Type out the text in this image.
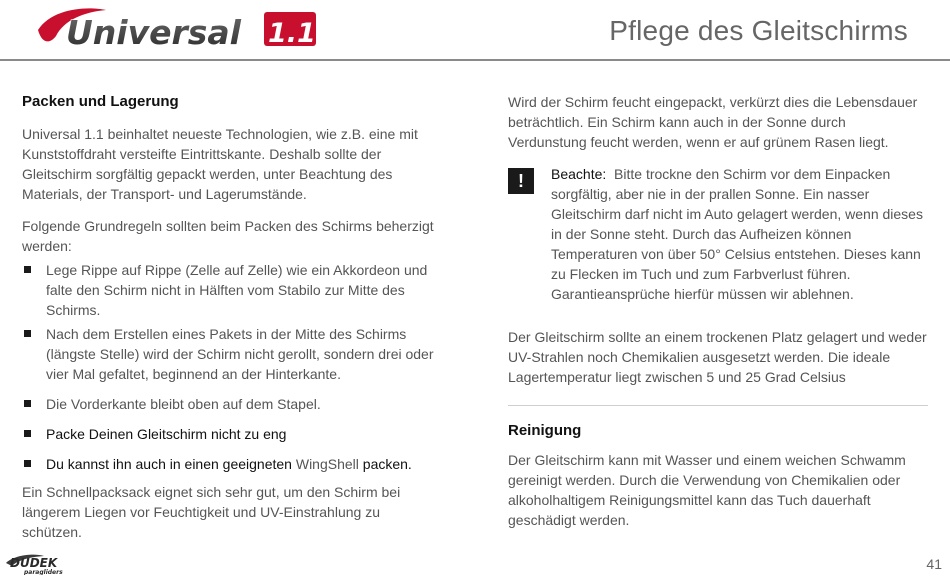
Universal 1.1	Pflege des Gleitschirms
Packen und Lagerung

Universal 1.1 beinhaltet neueste Technologien, wie z.B. eine mit Kunststoffdraht versteifte Eintrittskante. Deshalb sollte der Gleitschirm sorgfältig gepackt werden, unter Beachtung des Materials, der Transport- und Lagerumstände.

Folgende Grundregeln sollten beim Packen des Schirms beherzigt werden:

Lege Rippe auf Rippe (Zelle auf Zelle) wie ein Akkordeon und falte den Schirm nicht in Hälften vom Stabilo zur Mitte des Schirms.
Nach dem Erstellen eines Pakets in der Mitte des Schirms (längste Stelle) wird der Schirm nicht gerollt, sondern drei oder vier Mal gefaltet, beginnend an der Hinterkante.
Die Vorderkante bleibt oben auf dem Stapel.
Packe Deinen Gleitschirm nicht zu eng
Du kannst ihn auch in einen geeigneten WingShell packen.

Ein Schnellpacksack eignet sich sehr gut, um den Schirm bei längerem Liegen vor Feuchtigkeit und UV-Einstrahlung zu schützen.

Wird der Schirm feucht eingepackt, verkürzt dies die Lebensdauer beträchtlich. Ein Schirm kann auch in der Sonne durch Verdunstung feucht werden, wenn er auf grünem Rasen liegt.

!	Beachte: Bitte trockne den Schirm vor dem Einpacken sorgfältig, aber nie in der prallen Sonne. Ein nasser Gleitschirm darf nicht im Auto gelagert werden, wenn dieses in der Sonne steht. Durch das Aufheizen können Temperaturen von über 50° Celsius entstehen. Dieses kann zu Flecken im Tuch und zum Farbverlust führen. Garantieansprüche hierfür müssen wir ablehnen.

Der Gleitschirm sollte an einem trockenen Platz gelagert und weder UV-Strahlen noch Chemikalien ausgesetzt werden. Die ideale Lagertemperatur liegt zwischen 5 und 25 Grad Celsius

Reinigung

Der Gleitschirm kann mit Wasser und einem weichen Schwamm gereinigt werden. Durch die Verwendung von Chemikalien oder alkoholhaltigem Reinigungsmittel kann das Tuch dauerhaft geschädigt werden.

DUDEK
paragliders
41
